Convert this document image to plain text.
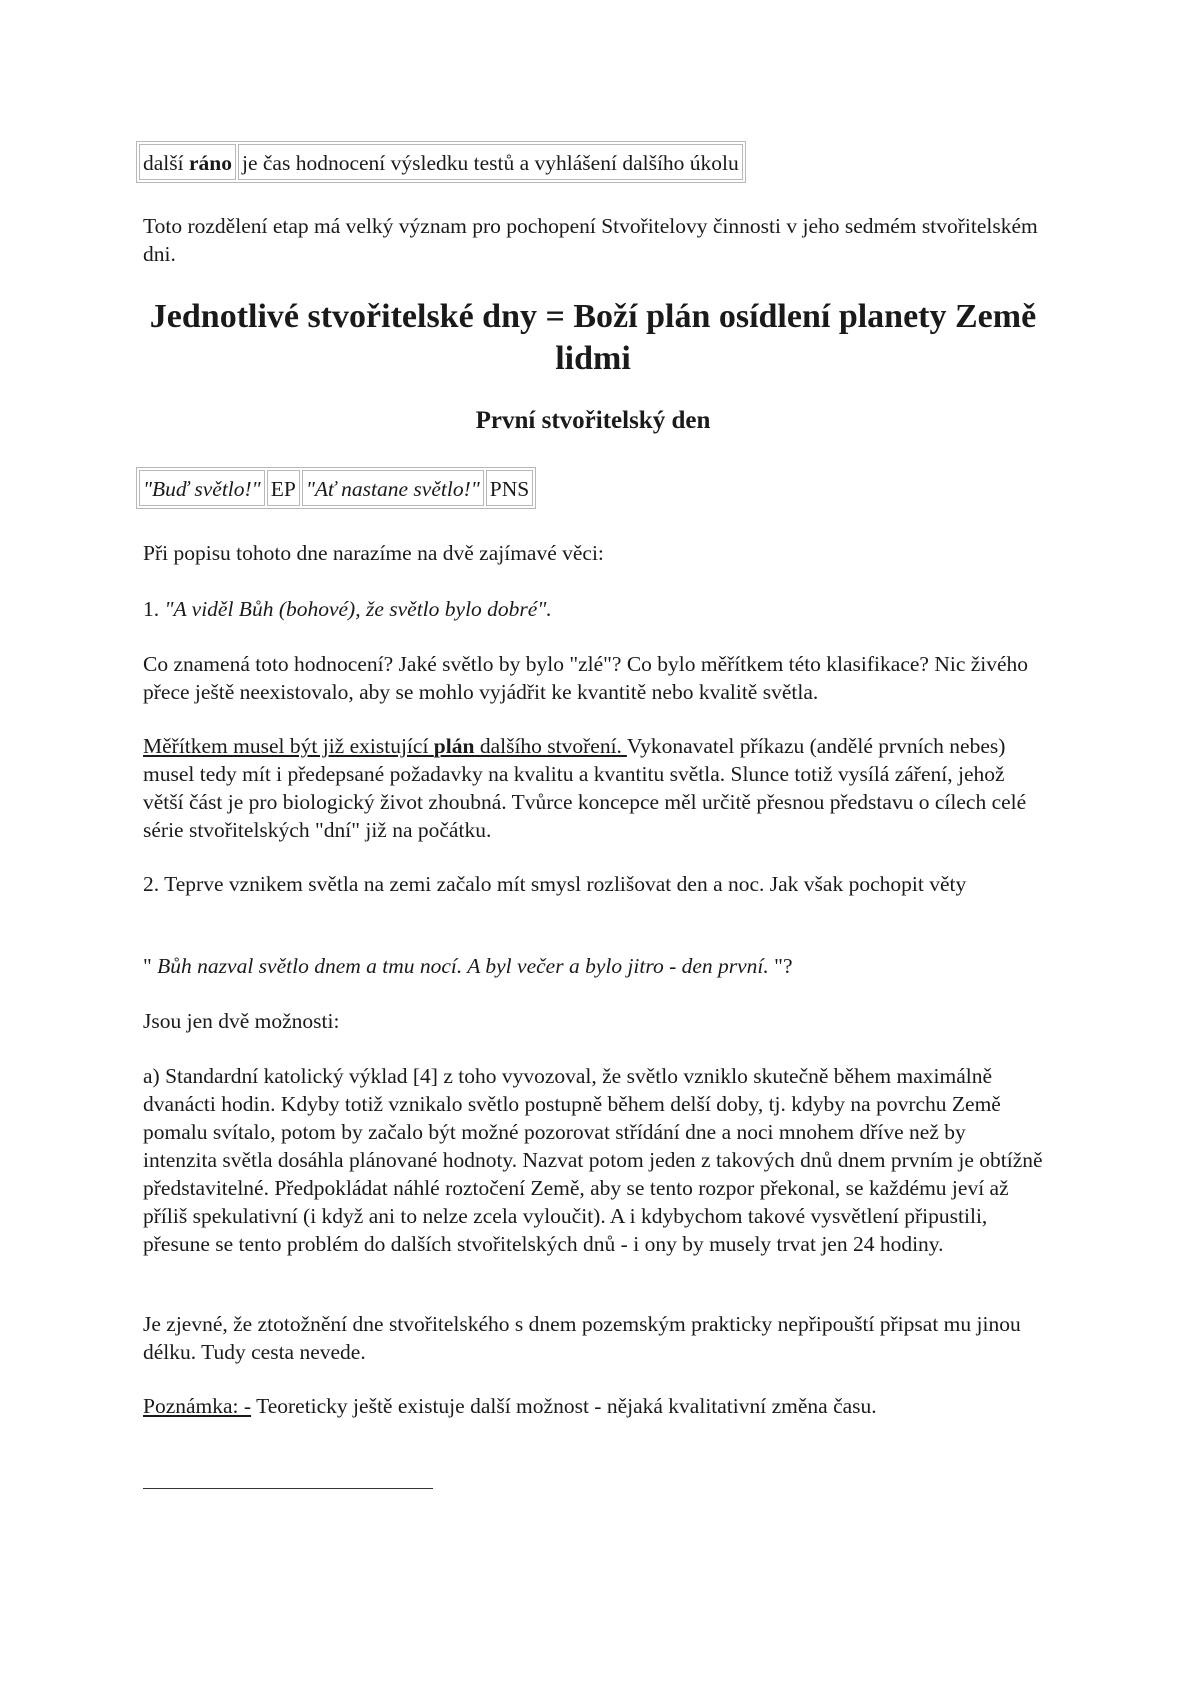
další ráno	je čas hodnocení výsledku testů a vyhlášení dalšího úkolu

Toto rozdělení etap má velký význam pro pochopení Stvořitelovy činnosti v jeho sedmém stvořitelském dni.

Jednotlivé stvořitelské dny = Boží plán osídlení planety Země lidmi
První stvořitelský den
"Buď světlo!"	EP	"Ať nastane světlo!"	PNS

Při popisu tohoto dne narazíme na dvě zajímavé věci:

1. "A viděl Bůh (bohové), že světlo bylo dobré".

Co znamená toto hodnocení? Jaké světlo by bylo "zlé"? Co bylo měřítkem této klasifikace? Nic živého přece ještě neexistovalo, aby se mohlo vyjádřit ke kvantitě nebo kvalitě světla.

Měřítkem musel být již existující plán dalšího stvoření. Vykonavatel příkazu (andělé prvních nebes) musel tedy mít i předepsané požadavky na kvalitu a kvantitu světla. Slunce totiž vysílá záření, jehož větší část je pro biologický život zhoubná. Tvůrce koncepce měl určitě přesnou představu o cílech celé série stvořitelských "dní" již na počátku.

2. Teprve vznikem světla na zemi začalo mít smysl rozlišovat den a noc. Jak však pochopit věty

" Bůh nazval světlo dnem a tmu nocí. A byl večer a bylo jitro - den první. "?

Jsou jen dvě možnosti:

a) Standardní katolický výklad [4] z toho vyvozoval, že světlo vzniklo skutečně během maximálně dvanácti hodin. Kdyby totiž vznikalo světlo postupně během delší doby, tj. kdyby na povrchu Země pomalu svítalo, potom by začalo být možné pozorovat střídání dne a noci mnohem dříve než by intenzita světla dosáhla plánované hodnoty. Nazvat potom jeden z takových dnů dnem prvním je obtížně představitelné. Předpokládat náhlé roztočení Země, aby se tento rozpor překonal, se každému jeví až příliš spekulativní (i když ani to nelze zcela vyloučit). A i kdybychom takové vysvětlení připustili, přesune se tento problém do dalších stvořitelských dnů - i ony by musely trvat jen 24 hodiny.

Je zjevné, že ztotožnění dne stvořitelského s dnem pozemským prakticky nepřipouští připsat mu jinou délku. Tudy cesta nevede.

Poznámka: - Teoreticky ještě existuje další možnost - nějaká kvalitativní změna času.
